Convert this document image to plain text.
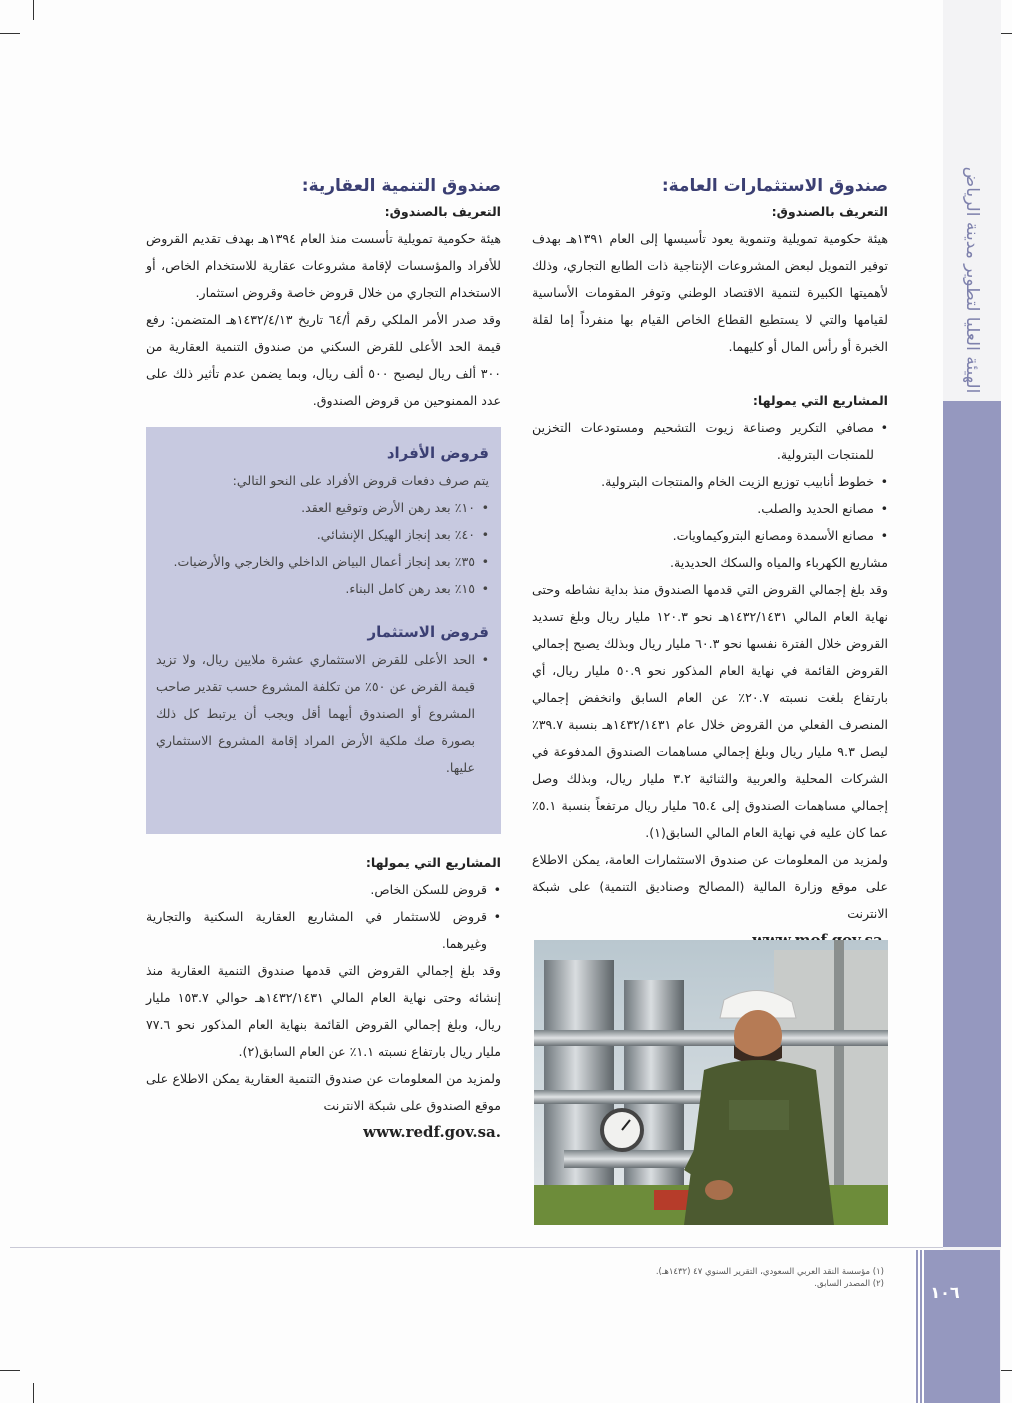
الهيئة العليا لتطوير مدينة الرياض
١٠٦
صندوق الاستثمارات العامة:
التعريف بالصندوق:

هيئة حكومية تمويلية وتنموية يعود تأسيسها إلى العام ١٣٩١هـ بهدف توفير التمويل لبعض المشروعات الإنتاجية ذات الطابع التجاري، وذلك لأهميتها الكبيرة لتنمية الاقتصاد الوطني وتوفر المقومات الأساسية لقيامها والتي لا يستطيع القطاع الخاص القيام بها منفرداً إما لقلة الخبرة أو رأس المال أو كليهما.

المشاريع التي يمولها:
• مصافي التكرير وصناعة زيوت التشحيم ومستودعات التخزين للمنتجات البترولية.
• خطوط أنابيب توزيع الزيت الخام والمنتجات البترولية.
• مصانع الحديد والصلب.
• مصانع الأسمدة ومصانع البتروكيماويات.

مشاريع الكهرباء والمياه والسكك الحديدية.

وقد بلغ إجمالي القروض التي قدمها الصندوق منذ بداية نشاطه وحتى نهاية العام المالي ١٤٣٢/١٤٣١هـ نحو ١٢٠.٣ مليار ريال وبلغ تسديد القروض خلال الفترة نفسها نحو ٦٠.٣ مليار ريال وبذلك يصبح إجمالي القروض القائمة في نهاية العام المذكور نحو ٥٠.٩ مليار ريال، أي بارتفاع بلغت نسبته ٢٠.٧٪ عن العام السابق وانخفض إجمالي المنصرف الفعلي من القروض خلال عام ١٤٣٢/١٤٣١هـ بنسبة ٣٩.٧٪ ليصل ٩.٣ مليار ريال وبلغ إجمالي مساهمات الصندوق المدفوعة في الشركات المحلية والعربية والثنائية ٣.٢ مليار ريال، وبذلك وصل إجمالي مساهمات الصندوق إلى ٦٥.٤ مليار ريال مرتفعاً بنسبة ٥.١٪ عما كان عليه في نهاية العام المالي السابق(١).

ولمزيد من المعلومات عن صندوق الاستثمارات العامة، يمكن الاطلاع على موقع وزارة المالية (المصالح وصناديق التنمية) على شبكة الانترنت

صندوق التنمية العقارية:
التعريف بالصندوق:

هيئة حكومية تمويلية تأسست منذ العام ١٣٩٤هـ بهدف تقديم القروض للأفراد والمؤسسات لإقامة مشروعات عقارية للاستخدام الخاص، أو الاستخدام التجاري من خلال قروض خاصة وقروض استثمار.

وقد صدر الأمر الملكي رقم أ/٦٤ تاريخ ١٤٣٢/٤/١٣هـ المتضمن: رفع قيمة الحد الأعلى للقرض السكني من صندوق التنمية العقارية من ٣٠٠ ألف ريال ليصبح ٥٠٠ ألف ريال، وبما يضمن عدم تأثير ذلك على عدد الممنوحين من قروض الصندوق.

قروض الأفراد

يتم صرف دفعات قروض الأفراد على النحو التالي:

• ١٠٪ بعد رهن الأرض وتوقيع العقد.
• ٤٠٪ بعد إنجاز الهيكل الإنشائي.
• ٣٥٪ بعد إنجاز أعمال البياض الداخلي والخارجي والأرضيات.
• ١٥٪ بعد رهن كامل البناء.
قروض الاستثمار
• الحد الأعلى للقرض الاستثماري عشرة ملايين ريال، ولا تزيد قيمة القرض عن ٥٠٪ من تكلفة المشروع حسب تقدير صاحب المشروع أو الصندوق أيهما أقل ويجب أن يرتبط كل ذلك بصورة صك ملكية الأرض المراد إقامة المشروع الاستثماري عليها.
المشاريع التي يمولها:
• قروض للسكن الخاص.
• قروض للاستثمار في المشاريع العقارية السكنية والتجارية وغيرهما.

وقد بلغ إجمالي القروض التي قدمها صندوق التنمية العقارية منذ إنشائه وحتى نهاية العام المالي ١٤٣٢/١٤٣١هـ حوالي ١٥٣.٧ مليار ريال، وبلغ إجمالي القروض القائمة بنهاية العام المذكور نحو ٧٧.٦ مليار ريال بارتفاع نسبته ١.١٪ عن العام السابق(٢).

ولمزيد من المعلومات عن صندوق التنمية العقارية يمكن الاطلاع على موقع الصندوق على شبكة الانترنت

www.redf.gov.sa.
(١) مؤسسة النقد العربي السعودي، التقرير السنوي ٤٧ (١٤٣٢هـ).
(٢) المصدر السابق.
